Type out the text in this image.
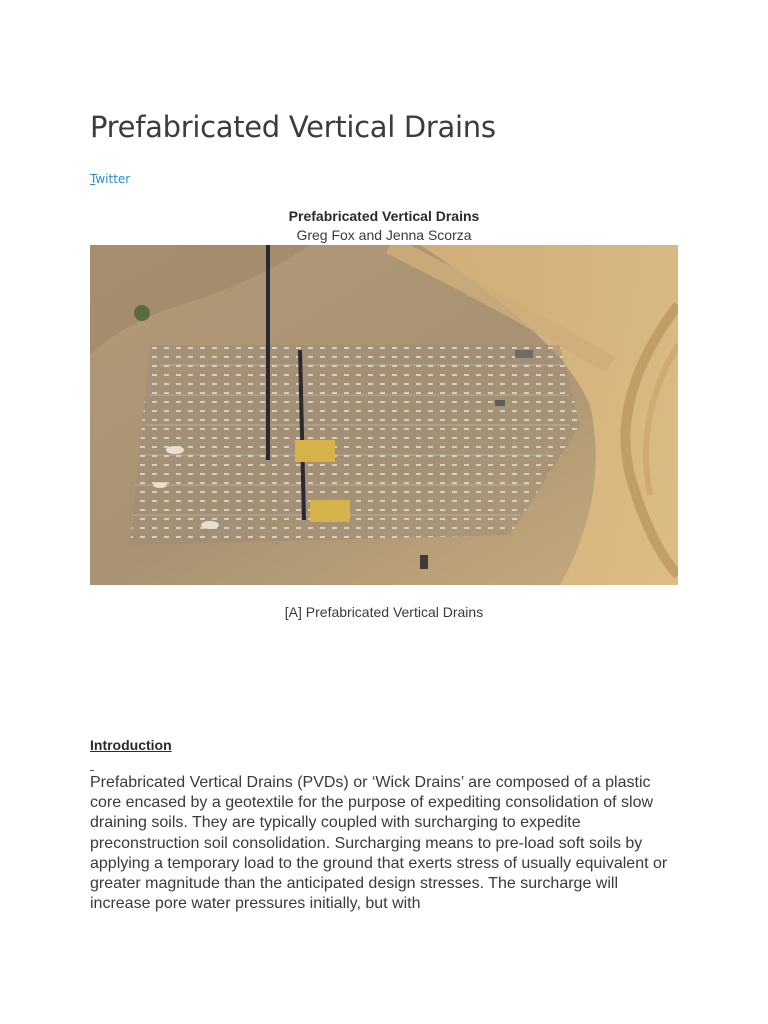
Prefabricated Vertical Drains
Twitter
Prefabricated Vertical Drains
Greg Fox and Jenna Scorza
[A] Prefabricated Vertical Drains
Introduction

Prefabricated Vertical Drains (PVDs) or ‘Wick Drains’ are composed of a plastic core encased by a geotextile for the purpose of expediting consolidation of slow draining soils. They are typically coupled with surcharging to expedite preconstruction soil consolidation. Surcharging means to pre-load soft soils by applying a temporary load to the ground that exerts stress of usually equivalent or greater magnitude than the anticipated design stresses. The surcharge will increase pore water pressures initially, but with
